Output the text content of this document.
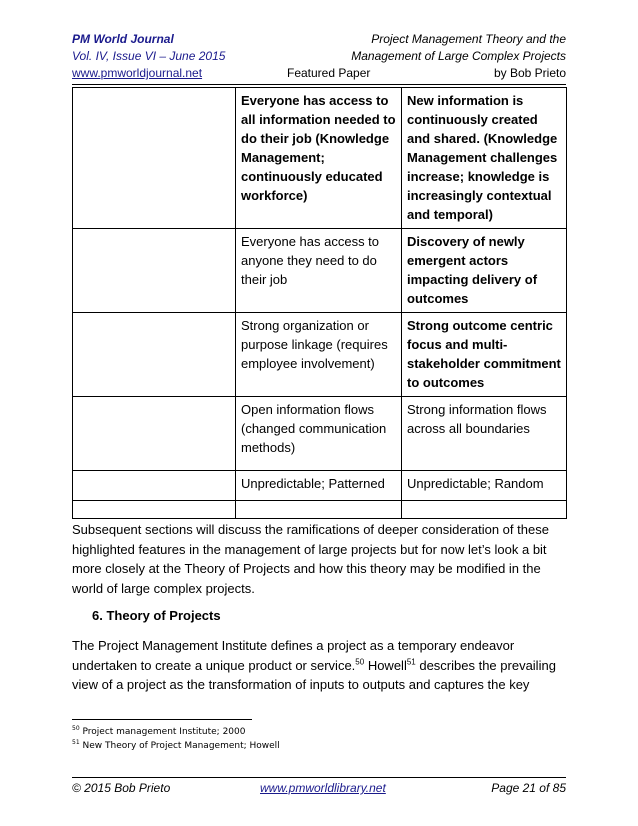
PM World Journal	Project Management Theory and the
Vol. IV, Issue VI – June 2015	Management of Large Complex Projects
www.pmworldjournal.net	Featured Paper	by Bob Prieto
	Everyone has access to all information needed to do their job (Knowledge Management; continuously educated workforce)	New information is continuously created and shared. (Knowledge Management challenges increase; knowledge is increasingly contextual and temporal)
	Everyone has access to anyone they need to do their job	Discovery of newly emergent actors impacting delivery of outcomes
	Strong organization or purpose linkage (requires employee involvement)	Strong outcome centric focus and multi-stakeholder commitment to outcomes
	Open information flows (changed communication methods)	Strong information flows across all boundaries
	Unpredictable; Patterned	Unpredictable; Random

Subsequent sections will discuss the ramifications of deeper consideration of these highlighted features in the management of large projects but for now let’s look a bit more closely at the Theory of Projects and how this theory may be modified in the world of large complex projects.

6. Theory of Projects

The Project Management Institute defines a project as a temporary endeavor undertaken to create a unique product or service.$^{50}$ Howell$^{51}$ describes the prevailing view of a project as the transformation of inputs to outputs and captures the key

$^{50}$ Project management Institute; 2000
$^{51}$ New Theory of Project Management; Howell
© 2015 Bob Prieto	www.pmworldlibrary.net	Page 21 of 85
